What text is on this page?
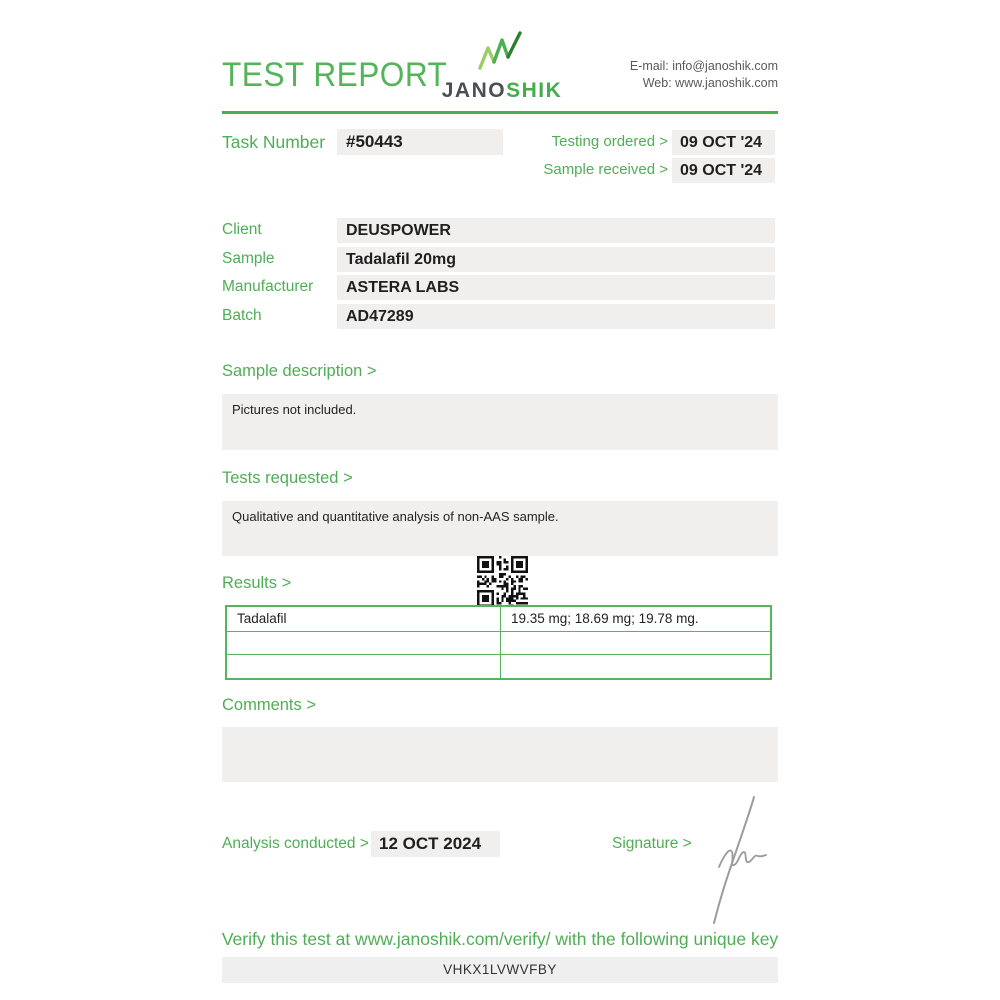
TEST REPORT
JANOSHIK
E-mail: info@janoshik.com
Web: www.janoshik.com
Task Number	#50443	Testing ordered > 09 OCT '24
Sample received > 09 OCT '24
Client	DEUSPOWER
Sample	Tadalafil 20mg
Manufacturer	ASTERA LABS
Batch	AD47289
Sample description >
Pictures not included.
Tests requested >
Qualitative and quantitative analysis of non-AAS sample.
Results >
Tadalafil	19.35 mg; 18.69 mg; 19.78 mg.
Comments >
Analysis conducted > 12 OCT 2024	Signature >
Verify this test at www.janoshik.com/verify/ with the following unique key
VHKX1LVWVFBY
